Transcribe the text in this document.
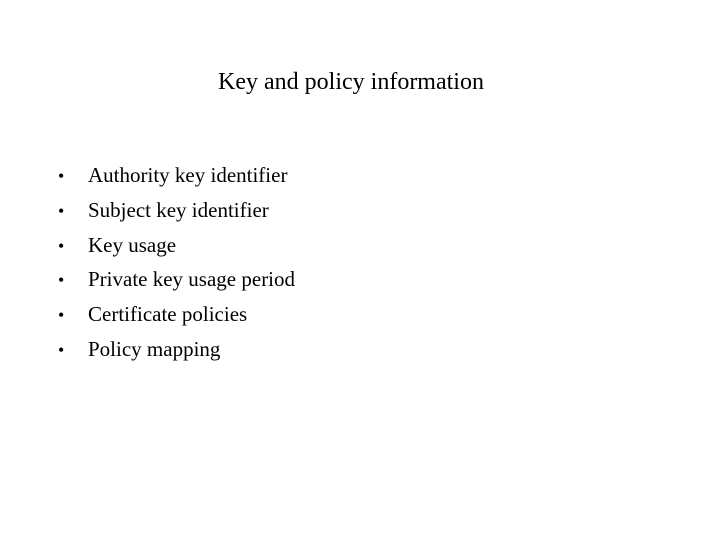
Key and policy information
•	Authority key identifier
•	Subject key identifier
•	Key usage
•	Private key usage period
•	Certificate policies
•	Policy mapping
